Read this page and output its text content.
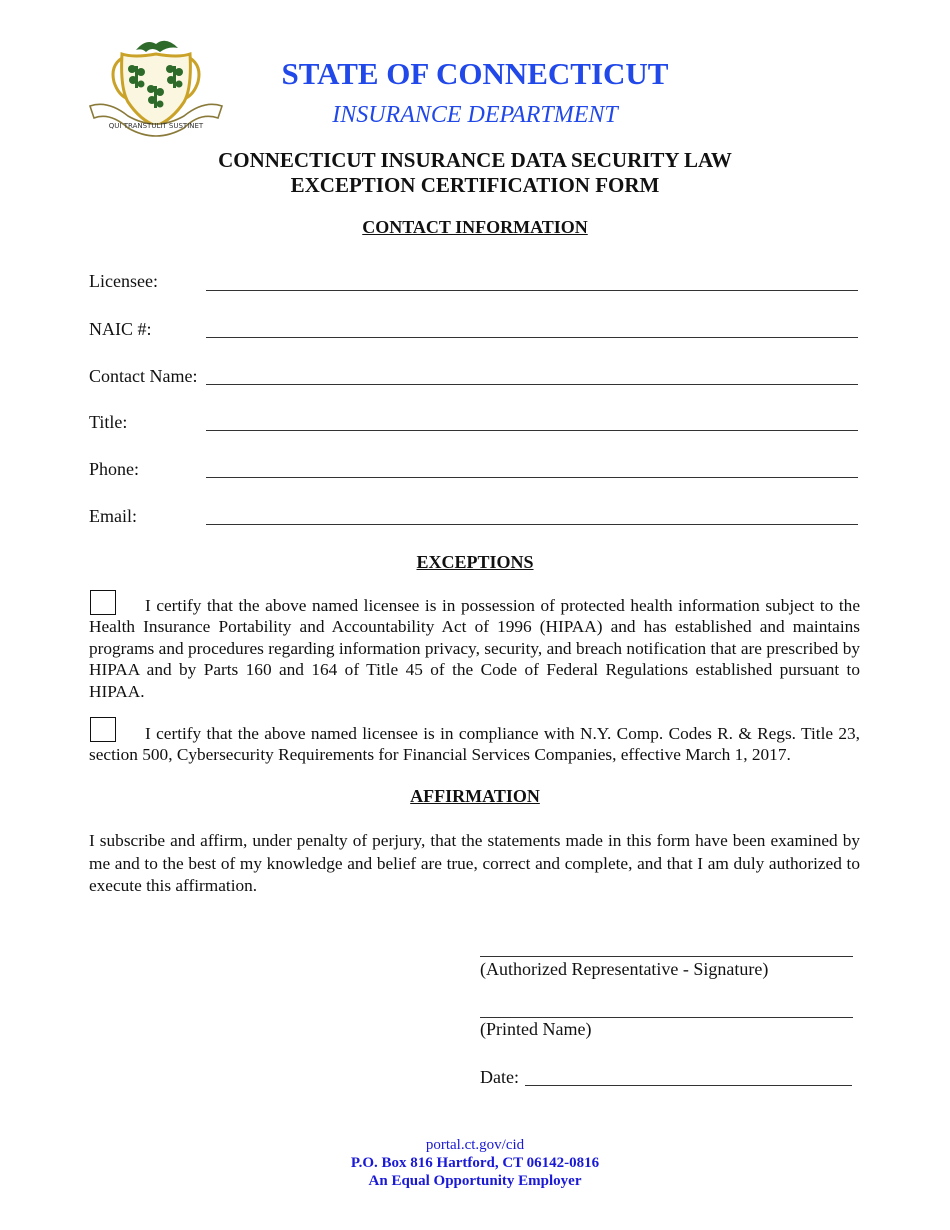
QUI TRANSTULIT SUSTINET
STATE OF CONNECTICUT
INSURANCE DEPARTMENT
CONNECTICUT INSURANCE DATA SECURITY LAW
EXCEPTION CERTIFICATION FORM
CONTACT INFORMATION
Licensee:
NAIC #:
Contact Name:
Title:
Phone:
Email:
EXCEPTIONS
I certify that the above named licensee is in possession of protected health information subject to the Health Insurance Portability and Accountability Act of 1996 (HIPAA) and has established and maintains programs and procedures regarding information privacy, security, and breach notification that are prescribed by HIPAA and by Parts 160 and 164 of Title 45 of the Code of Federal Regulations established pursuant to HIPAA.
I certify that the above named licensee is in compliance with N.Y. Comp. Codes R. & Regs. Title 23, section 500, Cybersecurity Requirements for Financial Services Companies, effective March 1, 2017.
AFFIRMATION
I subscribe and affirm, under penalty of perjury, that the statements made in this form have been examined by me and to the best of my knowledge and belief are true, correct and complete, and that I am duly authorized to execute this affirmation.
(Authorized Representative - Signature)
(Printed Name)
Date:
portal.ct.gov/cid
P.O. Box 816 Hartford, CT 06142-0816
An Equal Opportunity Employer
